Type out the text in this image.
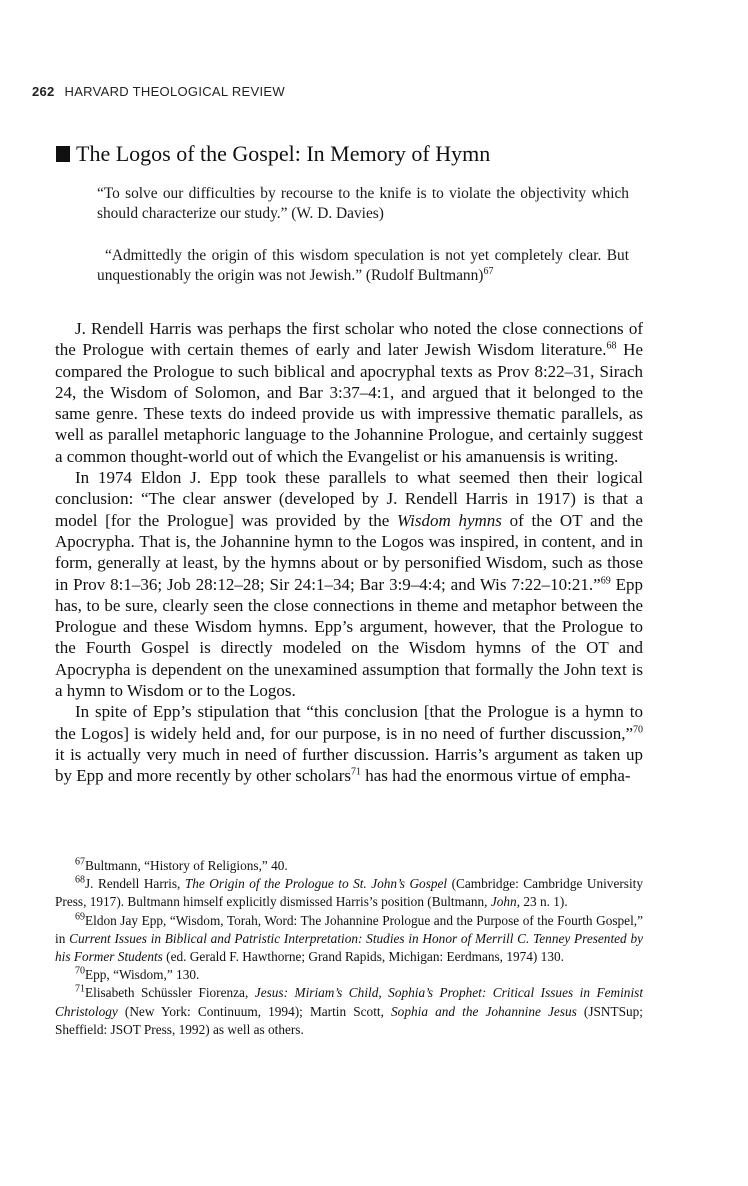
262 HARVARD THEOLOGICAL REVIEW
The Logos of the Gospel: In Memory of Hymn
“To solve our difficulties by recourse to the knife is to violate the objectivity which should characterize our study.” (W. D. Davies)
“Admittedly the origin of this wisdom speculation is not yet completely clear. But unquestionably the origin was not Jewish.” (Rudolf Bultmann)$^{67}$

J. Rendell Harris was perhaps the first scholar who noted the close connections of the Prologue with certain themes of early and later Jewish Wisdom literature.$^{68}$ He compared the Prologue to such biblical and apocryphal texts as Prov 8:22–31, Sirach 24, the Wisdom of Solomon, and Bar 3:37–4:1, and argued that it belonged to the same genre. These texts do indeed provide us with impressive thematic parallels, as well as parallel metaphoric language to the Johannine Prologue, and certainly suggest a common thought-world out of which the Evangelist or his amanuensis is writing.

In 1974 Eldon J. Epp took these parallels to what seemed then their logical conclusion: “The clear answer (developed by J. Rendell Harris in 1917) is that a model [for the Prologue] was provided by the Wisdom hymns of the OT and the Apocrypha. That is, the Johannine hymn to the Logos was inspired, in content, and in form, generally at least, by the hymns about or by personified Wisdom, such as those in Prov 8:1–36; Job 28:12–28; Sir 24:1–34; Bar 3:9–4:4; and Wis 7:22–10:21.”$^{69}$ Epp has, to be sure, clearly seen the close connections in theme and metaphor between the Prologue and these Wisdom hymns. Epp’s argument, however, that the Prologue to the Fourth Gospel is directly modeled on the Wisdom hymns of the OT and Apocrypha is dependent on the unexamined assumption that formally the John text is a hymn to Wisdom or to the Logos.

In spite of Epp’s stipulation that “this conclusion [that the Prologue is a hymn to the Logos] is widely held and, for our purpose, is in no need of further discussion,”$^{70}$ it is actually very much in need of further discussion. Harris’s argument as taken up by Epp and more recently by other scholars$^{71}$ has had the enormous virtue of empha-

$^{67}$Bultmann, “History of Religions,” 40.

$^{68}$J. Rendell Harris, The Origin of the Prologue to St. John’s Gospel (Cambridge: Cambridge University Press, 1917). Bultmann himself explicitly dismissed Harris’s position (Bultmann, John, 23 n. 1).

$^{69}$Eldon Jay Epp, “Wisdom, Torah, Word: The Johannine Prologue and the Purpose of the Fourth Gospel,” in Current Issues in Biblical and Patristic Interpretation: Studies in Honor of Merrill C. Tenney Presented by his Former Students (ed. Gerald F. Hawthorne; Grand Rapids, Michigan: Eerdmans, 1974) 130.

$^{70}$Epp, “Wisdom,” 130.

$^{71}$Elisabeth Schüssler Fiorenza, Jesus: Miriam’s Child, Sophia’s Prophet: Critical Issues in Feminist Christology (New York: Continuum, 1994); Martin Scott, Sophia and the Johannine Jesus (JSNTSup; Sheffield: JSOT Press, 1992) as well as others.
